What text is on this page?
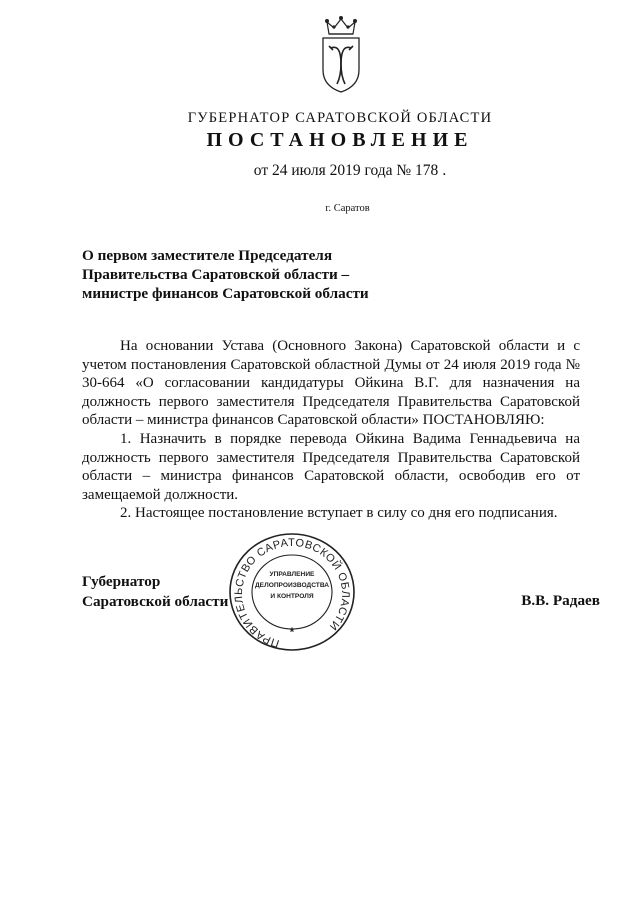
ГУБЕРНАТОР САРАТОВСКОЙ ОБЛАСТИ
ПОСТАНОВЛЕНИЕ
от 24 июля 2019 года № 178 .
г. Саратов
О первом заместителе Председателя
Правительства Саратовской области –
министре финансов Саратовской области

На основании Устава (Основного Закона) Саратовской области и с учетом постановления Саратовской областной Думы от 24 июля 2019 года № 30-664 «О согласовании кандидатуры Ойкина В.Г. для назначения на должность первого заместителя Председателя Правительства Саратовской области – министра финансов Саратовской области» ПОСТАНОВЛЯЮ:

1. Назначить в порядке перевода Ойкина Вадима Геннадьевича на должность первого заместителя Председателя Правительства Саратовской области – министра финансов Саратовской области, освободив его от замещаемой должности.

2. Настоящее постановление вступает в силу со дня его подписания.

Губернатор
Саратовской области	В.В. Радаев
ПРАВИТЕЛЬСТВО САРАТОВСКОЙ ОБЛАСТИ
УПРАВЛЕНИЕ
ДЕЛОПРОИЗВОДСТВА
И КОНТРОЛЯ
*
